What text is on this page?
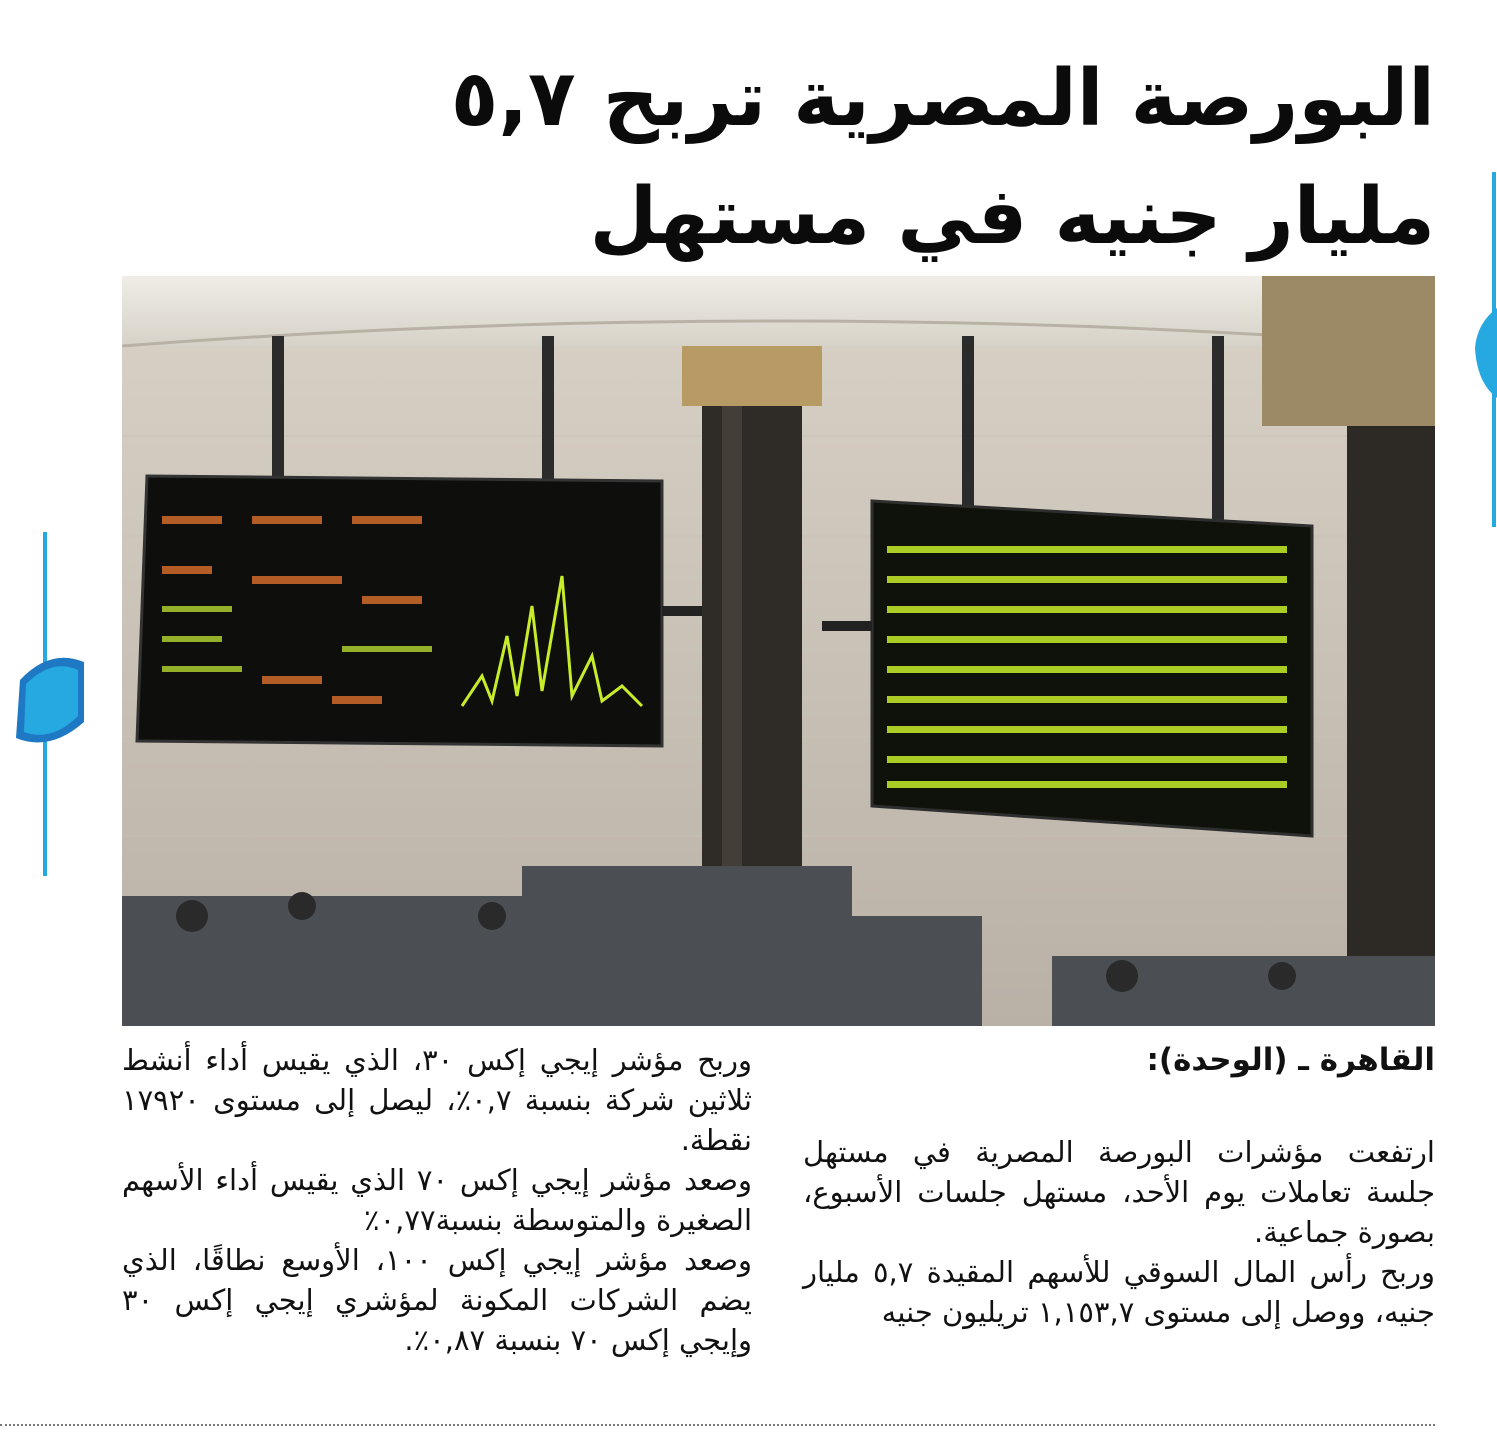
البورصة المصرية تربح ٥,٧ مليار جنيه في مستهل

القاهرة ـ (الوحدة):

ارتفعت مؤشرات البورصة المصرية في مستهل جلسة تعاملات يوم الأحد، مستهل جلسات الأسبوع، بصورة جماعية.

وربح رأس المال السوقي للأسهم المقيدة ٥,٧ مليار جنيه، ووصل إلى مستوى ١,١٥٣,٧ تريليون جنيه

وربح مؤشر إيجي إكس ٣٠، الذي يقيس أداء أنشط ثلاثين شركة بنسبة ٠,٧٪، ليصل إلى مستوى ١٧٩٢٠ نقطة.

وصعد مؤشر إيجي إكس ٧٠ الذي يقيس أداء الأسهم الصغيرة والمتوسطة بنسبة٠,٧٧٪

وصعد مؤشر إيجي إكس ١٠٠، الأوسع نطاقًا، الذي يضم الشركات المكونة لمؤشري إيجي إكس ٣٠ وإيجي إكس ٧٠ بنسبة ٠,٨٧٪.
